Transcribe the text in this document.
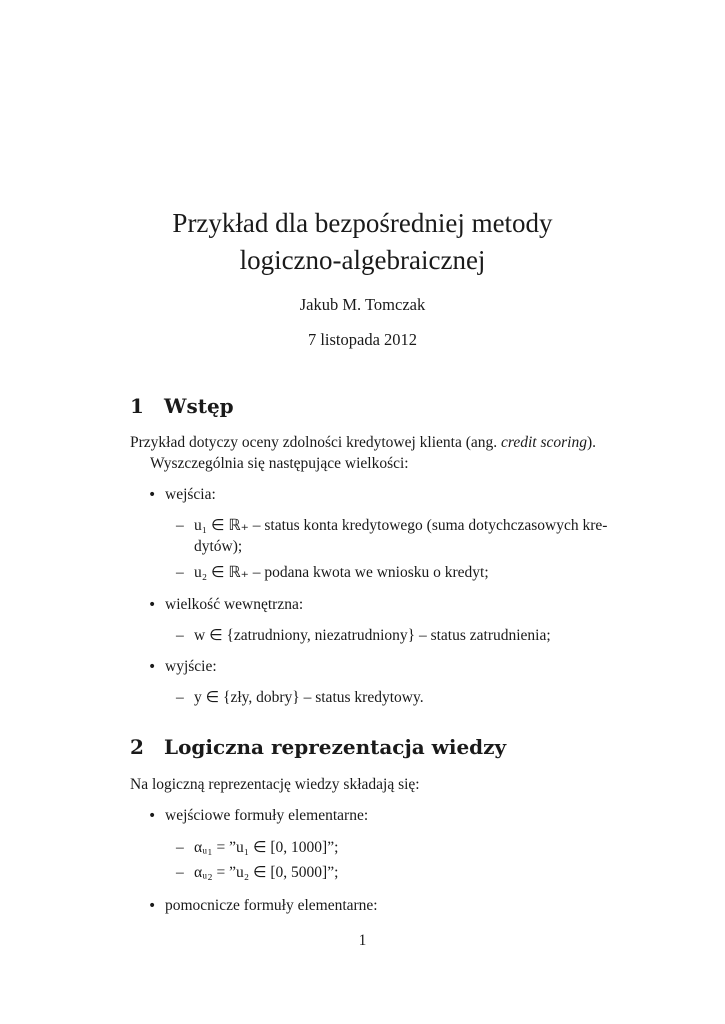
Przykład dla bezpośredniej metody
logiczno-algebraicznej
Jakub M. Tomczak
7 listopada 2012
1 Wstęp
Przykład dotyczy oceny zdolności kredytowej klienta (ang. credit scoring).
Wyszczególnia się następujące wielkości:
• wejścia:
– u₁ ∈ ℝ₊ – status konta kredytowego (suma dotychczasowych kre-
dytów);
– u₂ ∈ ℝ₊ – podana kwota we wniosku o kredyt;
• wielkość wewnętrzna:
– w ∈ {zatrudniony, niezatrudniony} – status zatrudnienia;
• wyjście:
– y ∈ {zły, dobry} – status kredytowy.
2 Logiczna reprezentacja wiedzy
Na logiczną reprezentację wiedzy składają się:
• wejściowe formuły elementarne:
– αᵤ₁ = ”u₁ ∈ [0, 1000]”;
– αᵤ₂ = ”u₂ ∈ [0, 5000]”;
• pomocnicze formuły elementarne:
1
